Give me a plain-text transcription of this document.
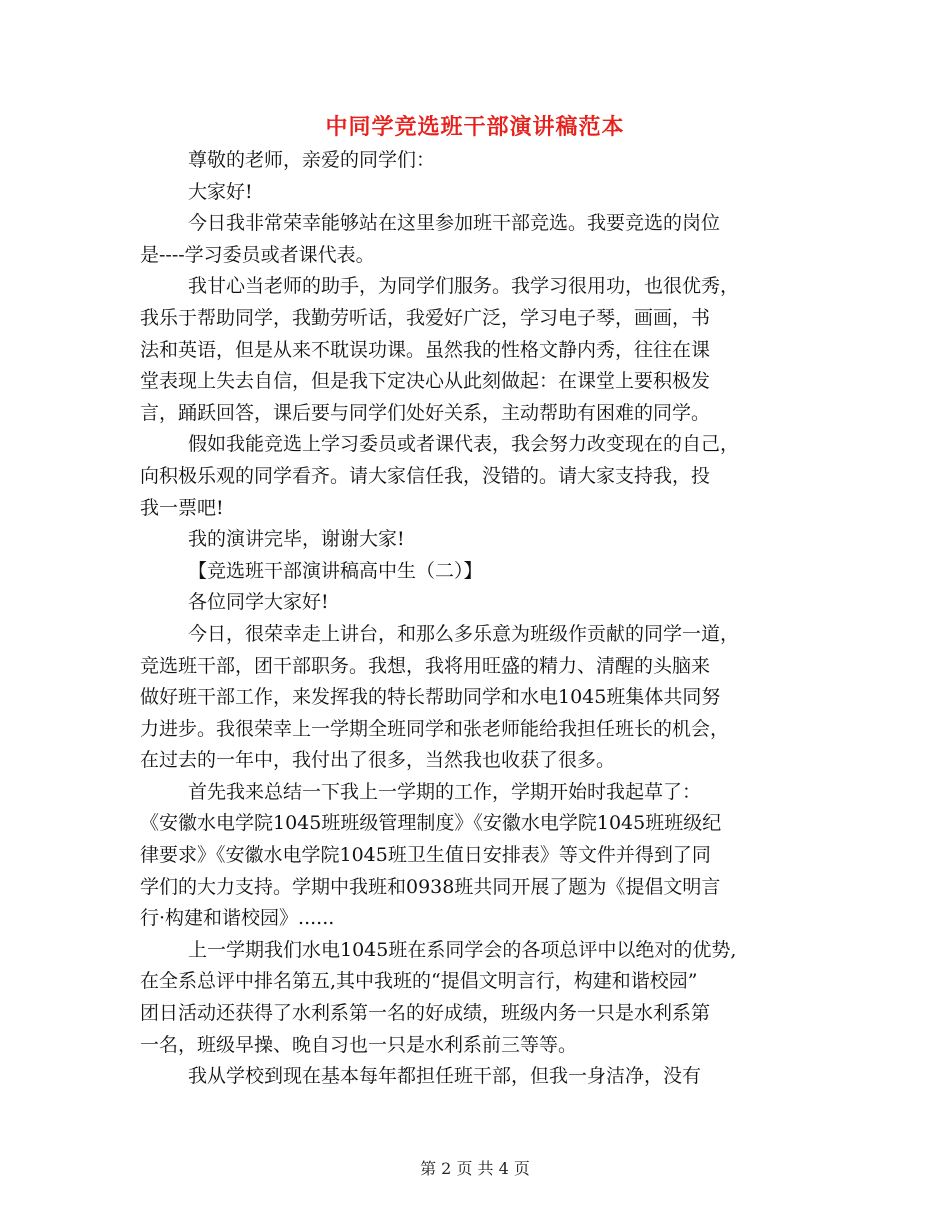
中同学竞选班干部演讲稿范本
尊敬的老师，亲爱的同学们：
大家好!
今日我非常荣幸能够站在这里参加班干部竞选。我要竞选的岗位
是----学习委员或者课代表。
我甘心当老师的助手，为同学们服务。我学习很用功，也很优秀，
我乐于帮助同学，我勤劳听话，我爱好广泛，学习电子琴，画画，书
法和英语，但是从来不耽误功课。虽然我的性格文静内秀，往往在课
堂表现上失去自信，但是我下定决心从此刻做起：在课堂上要积极发
言，踊跃回答，课后要与同学们处好关系，主动帮助有困难的同学。
假如我能竞选上学习委员或者课代表，我会努力改变现在的自己，
向积极乐观的同学看齐。请大家信任我，没错的。请大家支持我，投
我一票吧!
我的演讲完毕，谢谢大家!
【竞选班干部演讲稿高中生（二）】
各位同学大家好!
今日，很荣幸走上讲台，和那么多乐意为班级作贡献的同学一道，
竞选班干部，团干部职务。我想，我将用旺盛的精力、清醒的头脑来
做好班干部工作，来发挥我的特长帮助同学和水电1045班集体共同努
力进步。我很荣幸上一学期全班同学和张老师能给我担任班长的机会，
在过去的一年中，我付出了很多，当然我也收获了很多。
首先我来总结一下我上一学期的工作，学期开始时我起草了：
《安徽水电学院1045班班级管理制度》《安徽水电学院1045班班级纪
律要求》《安徽水电学院1045班卫生值日安排表》等文件并得到了同
学们的大力支持。学期中我班和0938班共同开展了题为《提倡文明言
行·构建和谐校园》......
上一学期我们水电1045班在系同学会的各项总评中以绝对的优势,
在全系总评中排名第五,其中我班的“提倡文明言行，构建和谐校园”
团日活动还获得了水利系第一名的好成绩，班级内务一只是水利系第
一名，班级早操、晚自习也一只是水利系前三等等。
我从学校到现在基本每年都担任班干部，但我一身洁净，没有
第 2 页 共 4 页
